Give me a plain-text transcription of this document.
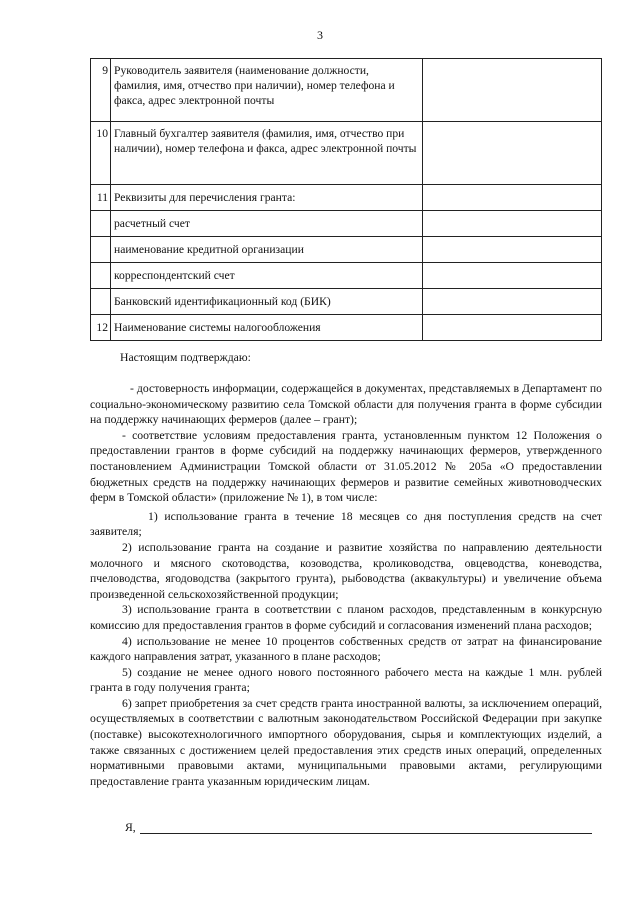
3
9	Руководитель заявителя (наименование должности, фамилия, имя, отчество при наличии), номер телефона и факса, адрес электронной почты	
10	Главный бухгалтер заявителя (фамилия, имя, отчество при наличии), номер телефона и факса, адрес электронной почты	
11	Реквизиты для перечисления гранта:	
	расчетный счет	
	наименование кредитной организации	
	корреспондентский счет	
	Банковский идентификационный код (БИК)	
12	Наименование системы налогообложения	
Настоящим подтверждаю:

- достоверность информации, содержащейся в документах, представляемых в Департамент по социально-экономическому развитию села Томской области для получения гранта в форме субсидии на поддержку начинающих фермеров (далее – грант);

- соответствие условиям предоставления гранта, установленным пунктом 12 Положения о предоставлении грантов в форме субсидий на поддержку начинающих фермеров, утвержденного постановлением Администрации Томской области от 31.05.2012 № 205а «О предоставлении бюджетных средств на поддержку начинающих фермеров и развитие семейных животноводческих ферм в Томской области» (приложение № 1), в том числе:

1) использование гранта в течение 18 месяцев со дня поступления средств на счет заявителя;

2) использование гранта на создание и развитие хозяйства по направлению деятельности молочного и мясного скотоводства, козоводства, кролиководства, овцеводства, коневодства, пчеловодства, ягодоводства (закрытого грунта), рыбоводства (аквакультуры) и увеличение объема произведенной сельскохозяйственной продукции;

3) использование гранта в соответствии с планом расходов, представленным в конкурсную комиссию для предоставления грантов в форме субсидий и согласования изменений плана расходов;

4) использование не менее 10 процентов собственных средств от затрат на финансирование каждого направления затрат, указанного в плане расходов;

5) создание не менее одного нового постоянного рабочего места на каждые 1 млн. рублей гранта в году получения гранта;

6) запрет приобретения за счет средств гранта иностранной валюты, за исключением операций, осуществляемых в соответствии с валютным законодательством Российской Федерации при закупке (поставке) высокотехнологичного импортного оборудования, сырья и комплектующих изделий, а также связанных с достижением целей предоставления этих средств иных операций, определенных нормативными правовыми актами, муниципальными правовыми актами, регулирующими предоставление гранта указанным юридическим лицам.

Я,
